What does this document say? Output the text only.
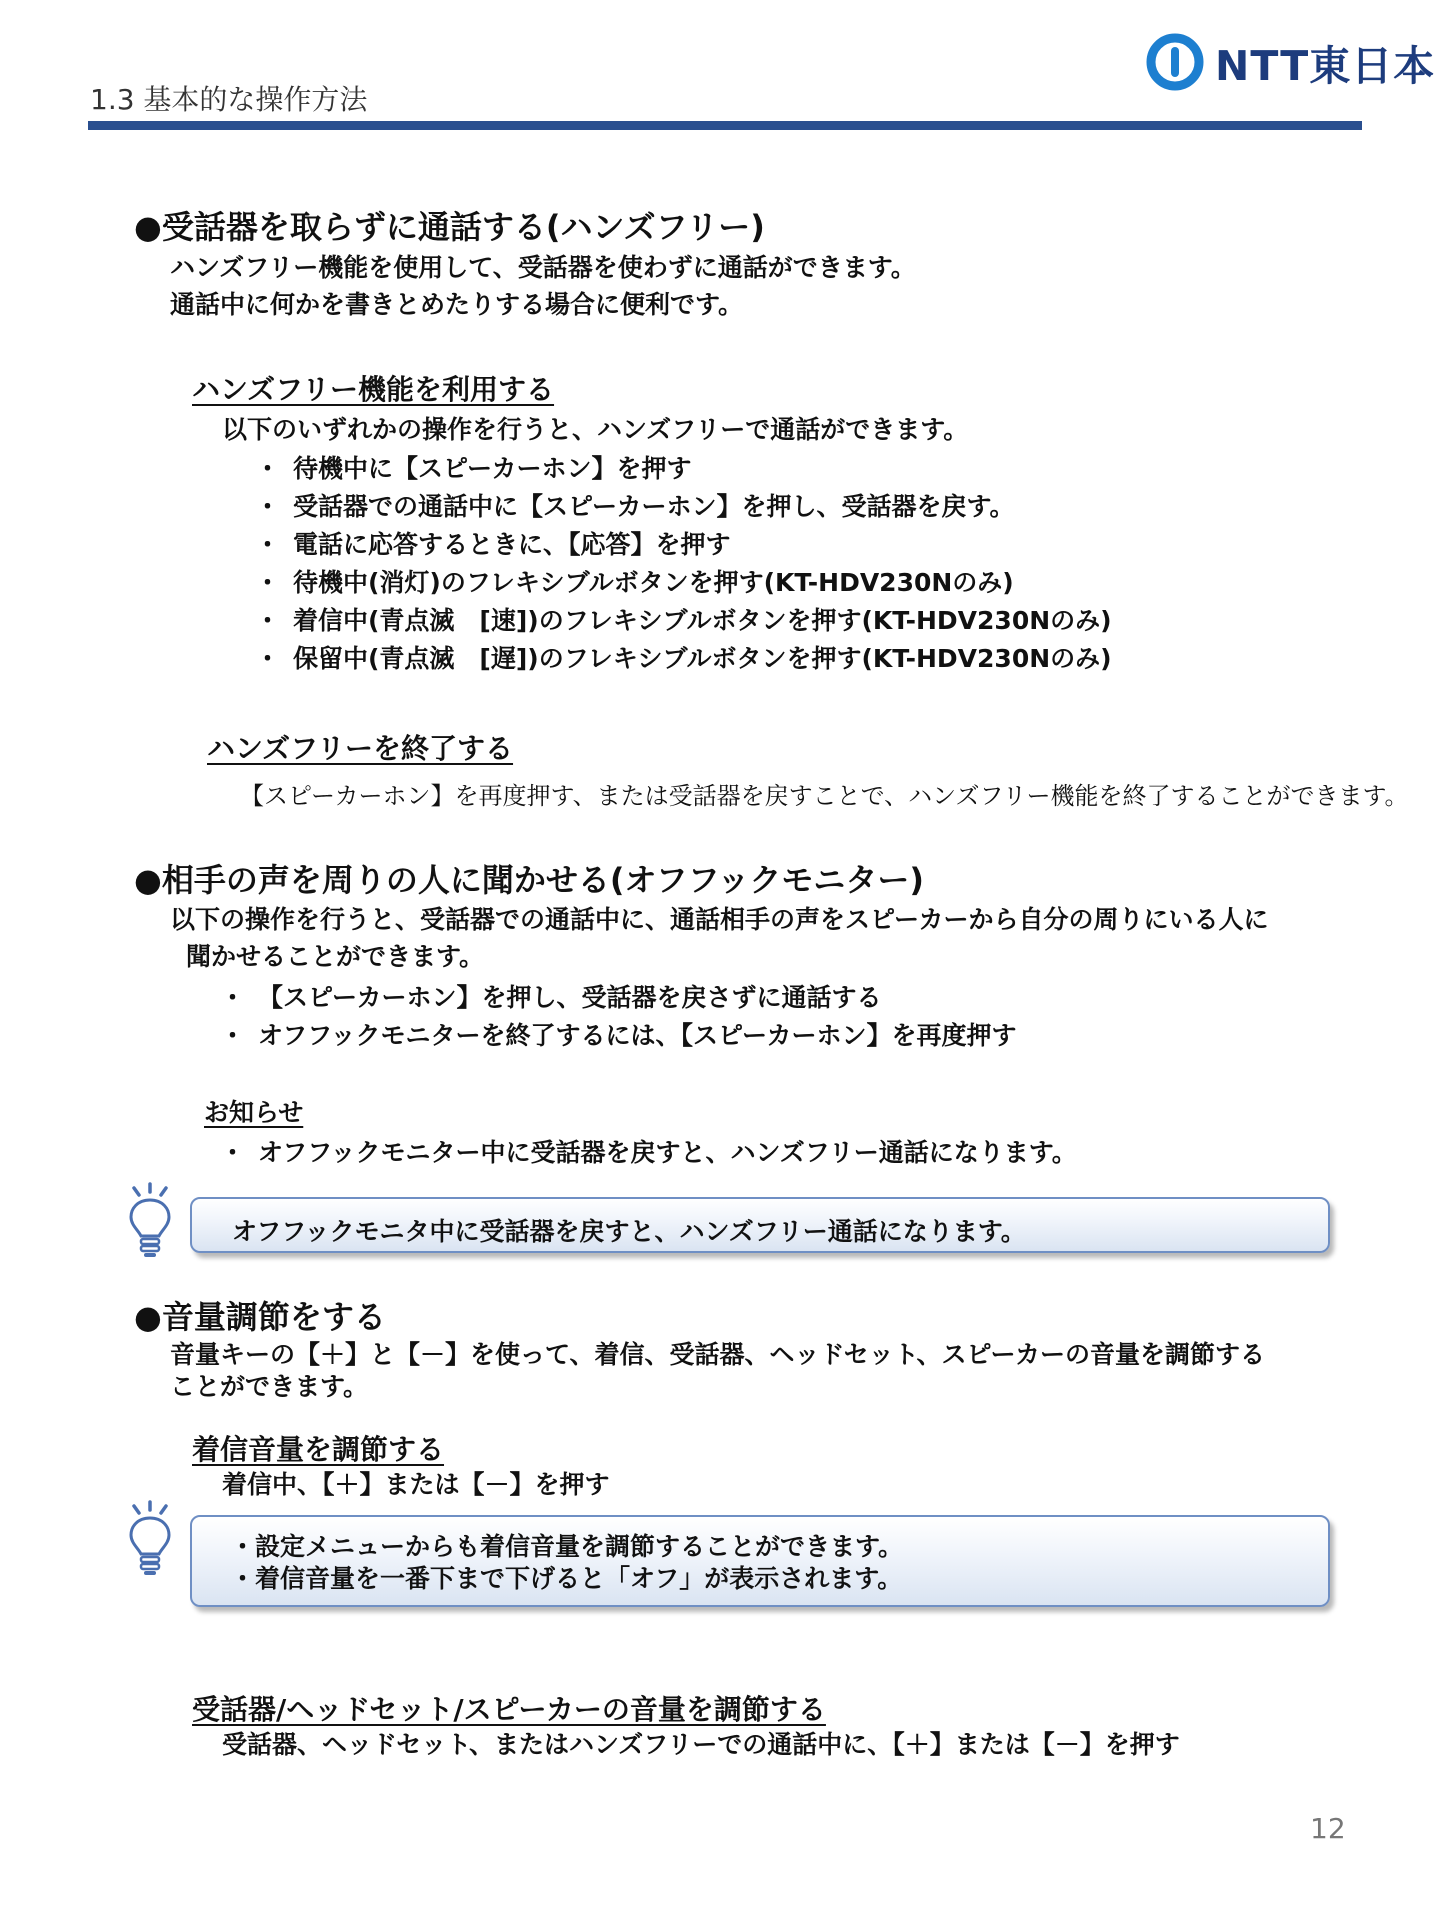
1.3 基本的な操作方法
NTT東日本
●受話器を取らずに通話する(ハンズフリー)
ハンズフリー機能を使用して、受話器を使わずに通話ができます。
通話中に何かを書きとめたりする場合に便利です。
ハンズフリー機能を利用する
以下のいずれかの操作を行うと、ハンズフリーで通話ができます。
・ 待機中に【スピーカーホン】を押す
・ 受話器での通話中に【スピーカーホン】を押し、受話器を戻す。
・ 電話に応答するときに、【応答】を押す
・ 待機中(消灯)のフレキシブルボタンを押す(KT-HDV230Nのみ)
・ 着信中(青点滅　[速])のフレキシブルボタンを押す(KT-HDV230Nのみ)
・ 保留中(青点滅　[遅])のフレキシブルボタンを押す(KT-HDV230Nのみ)
ハンズフリーを終了する
【スピーカーホン】を再度押す、または受話器を戻すことで、ハンズフリー機能を終了することができます。
●相手の声を周りの人に聞かせる(オフフックモニター)
以下の操作を行うと、受話器での通話中に、通話相手の声をスピーカーから自分の周りにいる人に
聞かせることができます。
・ 【スピーカーホン】を押し、受話器を戻さずに通話する
・ オフフックモニターを終了するには、【スピーカーホン】を再度押す
お知らせ
・ オフフックモニター中に受話器を戻すと、ハンズフリー通話になります。
オフフックモニタ中に受話器を戻すと、ハンズフリー通話になります。
●音量調節をする
音量キーの【＋】と【－】を使って、着信、受話器、ヘッドセット、スピーカーの音量を調節する
ことができます。
着信音量を調節する
着信中、【＋】または【－】を押す
・設定メニューからも着信音量を調節することができます。
・着信音量を一番下まで下げると「オフ」が表示されます。
受話器/ヘッドセット/スピーカーの音量を調節する
受話器、ヘッドセット、またはハンズフリーでの通話中に、【＋】または【－】を押す
12
